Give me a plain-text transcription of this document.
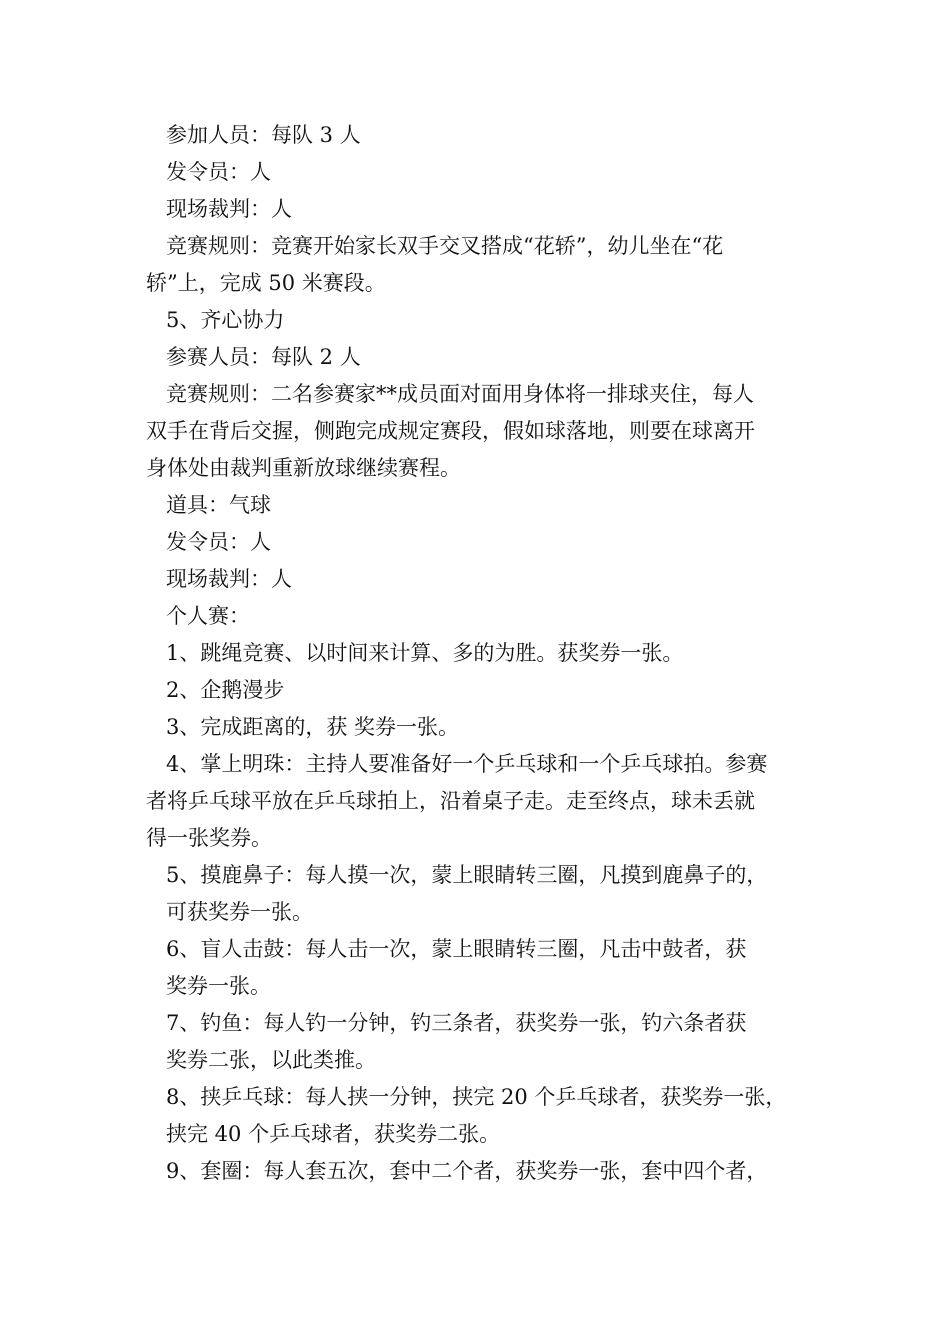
参加人员：每队 3 人
发令员：人
现场裁判：人
竞赛规则：竞赛开始家长双手交叉搭成“花轿”，幼儿坐在“花
轿”上，完成 50 米赛段。
5、齐心协力
参赛人员：每队 2 人
竞赛规则：二名参赛家**成员面对面用身体将一排球夹住，每人
双手在背后交握，侧跑完成规定赛段，假如球落地，则要在球离开
身体处由裁判重新放球继续赛程。
道具：气球
发令员：人
现场裁判：人
个人赛：
1、跳绳竞赛、以时间来计算、多的为胜。获奖券一张。
2、企鹅漫步
3、完成距离的，获 奖券一张。
4、掌上明珠：主持人要准备好一个乒乓球和一个乒乓球拍。参赛
者将乒乓球平放在乒乓球拍上，沿着桌子走。走至终点，球未丢就
得一张奖券。
5、摸鹿鼻子：每人摸一次，蒙上眼睛转三圈，凡摸到鹿鼻子的，
可获奖券一张。
6、盲人击鼓：每人击一次，蒙上眼睛转三圈，凡击中鼓者，获
奖券一张。
7、钓鱼：每人钓一分钟，钓三条者，获奖券一张，钓六条者获
奖券二张，以此类推。
8、挟乒乓球：每人挟一分钟，挟完 20 个乒乓球者，获奖券一张，
挟完 40 个乒乓球者，获奖券二张。
9、套圈：每人套五次，套中二个者，获奖券一张，套中四个者，
